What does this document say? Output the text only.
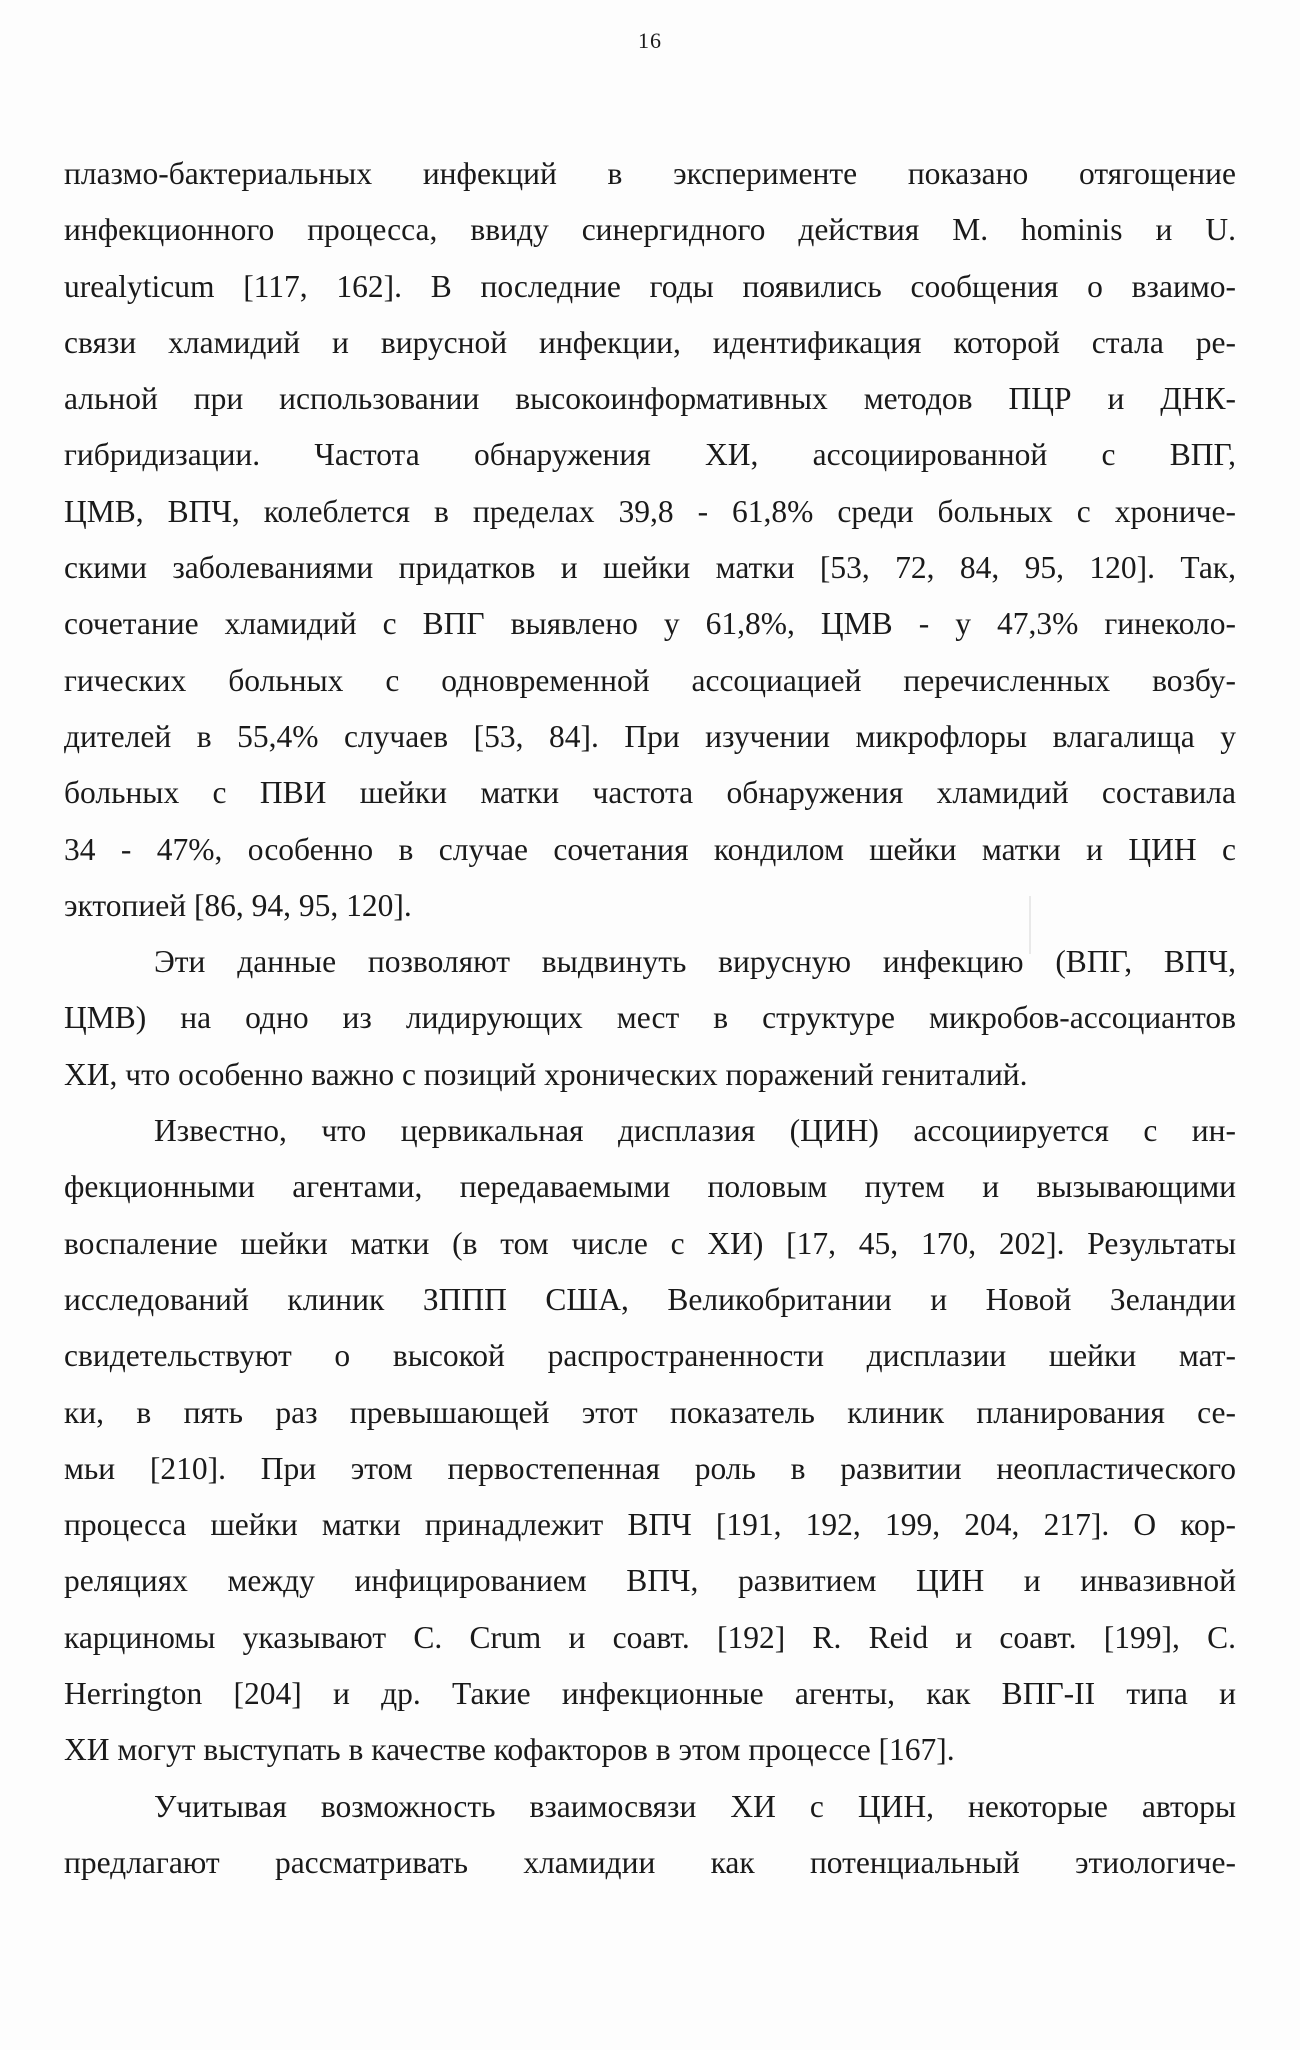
16
плазмо-бактериальных инфекций в эксперименте показано отягощение
инфекционного процесса, ввиду синергидного действия M. hominis и U.
urealyticum [117, 162]. В последние годы появились сообщения о взаимо-
связи хламидий и вирусной инфекции, идентификация которой стала ре-
альной при использовании высокоинформативных методов ПЦР и ДНК-
гибридизации. Частота обнаружения ХИ, ассоциированной с ВПГ,
ЦМВ, ВПЧ, колеблется в пределах 39,8 - 61,8% среди больных с хрониче-
скими заболеваниями придатков и шейки матки [53, 72, 84, 95, 120]. Так,
сочетание хламидий с ВПГ выявлено у 61,8%, ЦМВ - у 47,3% гинеколо-
гических больных с одновременной ассоциацией перечисленных возбу-
дителей в 55,4% случаев [53, 84]. При изучении микрофлоры влагалища у
больных с ПВИ шейки матки частота обнаружения хламидий составила
34 - 47%, особенно в случае сочетания кондилом шейки матки и ЦИН с
эктопией [86, 94, 95, 120].
Эти данные позволяют выдвинуть вирусную инфекцию (ВПГ, ВПЧ,
ЦМВ) на одно из лидирующих мест в структуре микробов-ассоциантов
ХИ, что особенно важно с позиций хронических поражений гениталий.
Известно, что цервикальная дисплазия (ЦИН) ассоциируется с ин-
фекционными агентами, передаваемыми половым путем и вызывающими
воспаление шейки матки (в том числе с ХИ) [17, 45, 170, 202]. Результаты
исследований клиник ЗППП США, Великобритании и Новой Зеландии
свидетельствуют о высокой распространенности дисплазии шейки мат-
ки, в пять раз превышающей этот показатель клиник планирования се-
мьи [210]. При этом первостепенная роль в развитии неопластического
процесса шейки матки принадлежит ВПЧ [191, 192, 199, 204, 217]. О кор-
реляциях между инфицированием ВПЧ, развитием ЦИН и инвазивной
карциномы указывают C. Crum и соавт. [192] R. Reid и соавт. [199], C.
Herrington [204] и др. Такие инфекционные агенты, как ВПГ-II типа и
ХИ могут выступать в качестве кофакторов в этом процессе [167].
Учитывая возможность взаимосвязи ХИ с ЦИН, некоторые авторы
предлагают рассматривать хламидии как потенциальный этиологиче-
